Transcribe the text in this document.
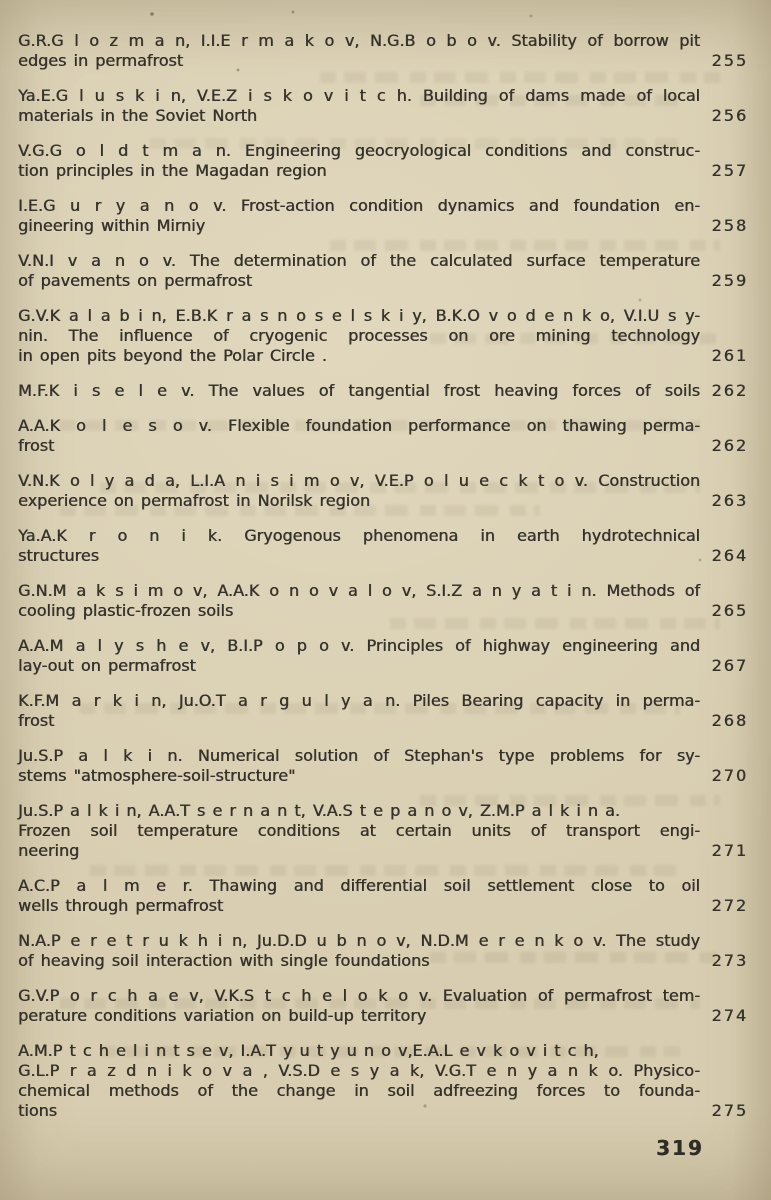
G.R.G l o z m a n, I.I.E r m a k o v, N.G.B o b o v. Stability of borrow pit
edges in permafrost	255
Ya.E.G l u s k i n, V.E.Z i s k o v i t c h. Building of dams made of local
materials in the Soviet North	256
V.G.G o l d t m a n. Engineering geocryological conditions and construc-
tion principles in the Magadan region	257
I.E.G u r y a n o v. Frost-action condition dynamics and foundation en-
gineering within Mirniy	258
V.N.I v a n o v. The determination of the calculated surface temperature
of pavements on permafrost	259
G.V.K a l a b i n, E.B.K r a s n o s e l s k i y, B.K.O v o d e n k o, V.I.U s y-
nin. The influence of cryogenic processes on ore mining technology
in open pits beyond the Polar Circle .	261
M.F.K i s e l e v. The values of tangential frost heaving forces of soils 262
A.A.K o l e s o v. Flexible foundation performance on thawing perma-
frost	262
V.N.K o l y a d a, L.I.A n i s i m o v, V.E.P o l u e c k t o v. Construction
experience on permafrost in Norilsk region	263
Ya.A.K r o n i k. Gryogenous phenomena in earth hydrotechnical
structures	264
G.N.M a k s i m o v, A.A.K o n o v a l o v, S.I.Z a n y a t i n. Methods of
cooling plastic-frozen soils	265
A.A.M a l y s h e v, B.I.P o p o v. Principles of highway engineering and
lay-out on permafrost	267
K.F.M a r k i n, Ju.O.T a r g u l y a n. Piles Bearing capacity in perma-
frost	268
Ju.S.P a l k i n. Numerical solution of Stephan's type problems for sy-
stems "atmosphere-soil-structure"	270
Ju.S.P a l k i n, A.A.T s e r n a n t, V.A.S t e p a n o v, Z.M.P a l k i n a.
Frozen soil temperature conditions at certain units of transport engi-
neering	271
A.C.P a l m e r. Thawing and differential soil settlement close to oil
wells through permafrost	272
N.A.P e r e t r u k h i n, Ju.D.D u b n o v, N.D.M e r e n k o v. The study
of heaving soil interaction with single foundations	273
G.V.P o r c h a e v, V.K.S t c h e l o k o v. Evaluation of permafrost tem-
perature conditions variation on build-up territory	274
A.M.P t c h e l i n t s e v, I.A.T y u t y u n o v,E.A.L e v k o v i t c h,
G.L.P r a z d n i k o v a , V.S.D e s y a k, V.G.T e n y a n k o. Physico-
chemical methods of the change in soil adfreezing forces to founda-
tions	275
319
